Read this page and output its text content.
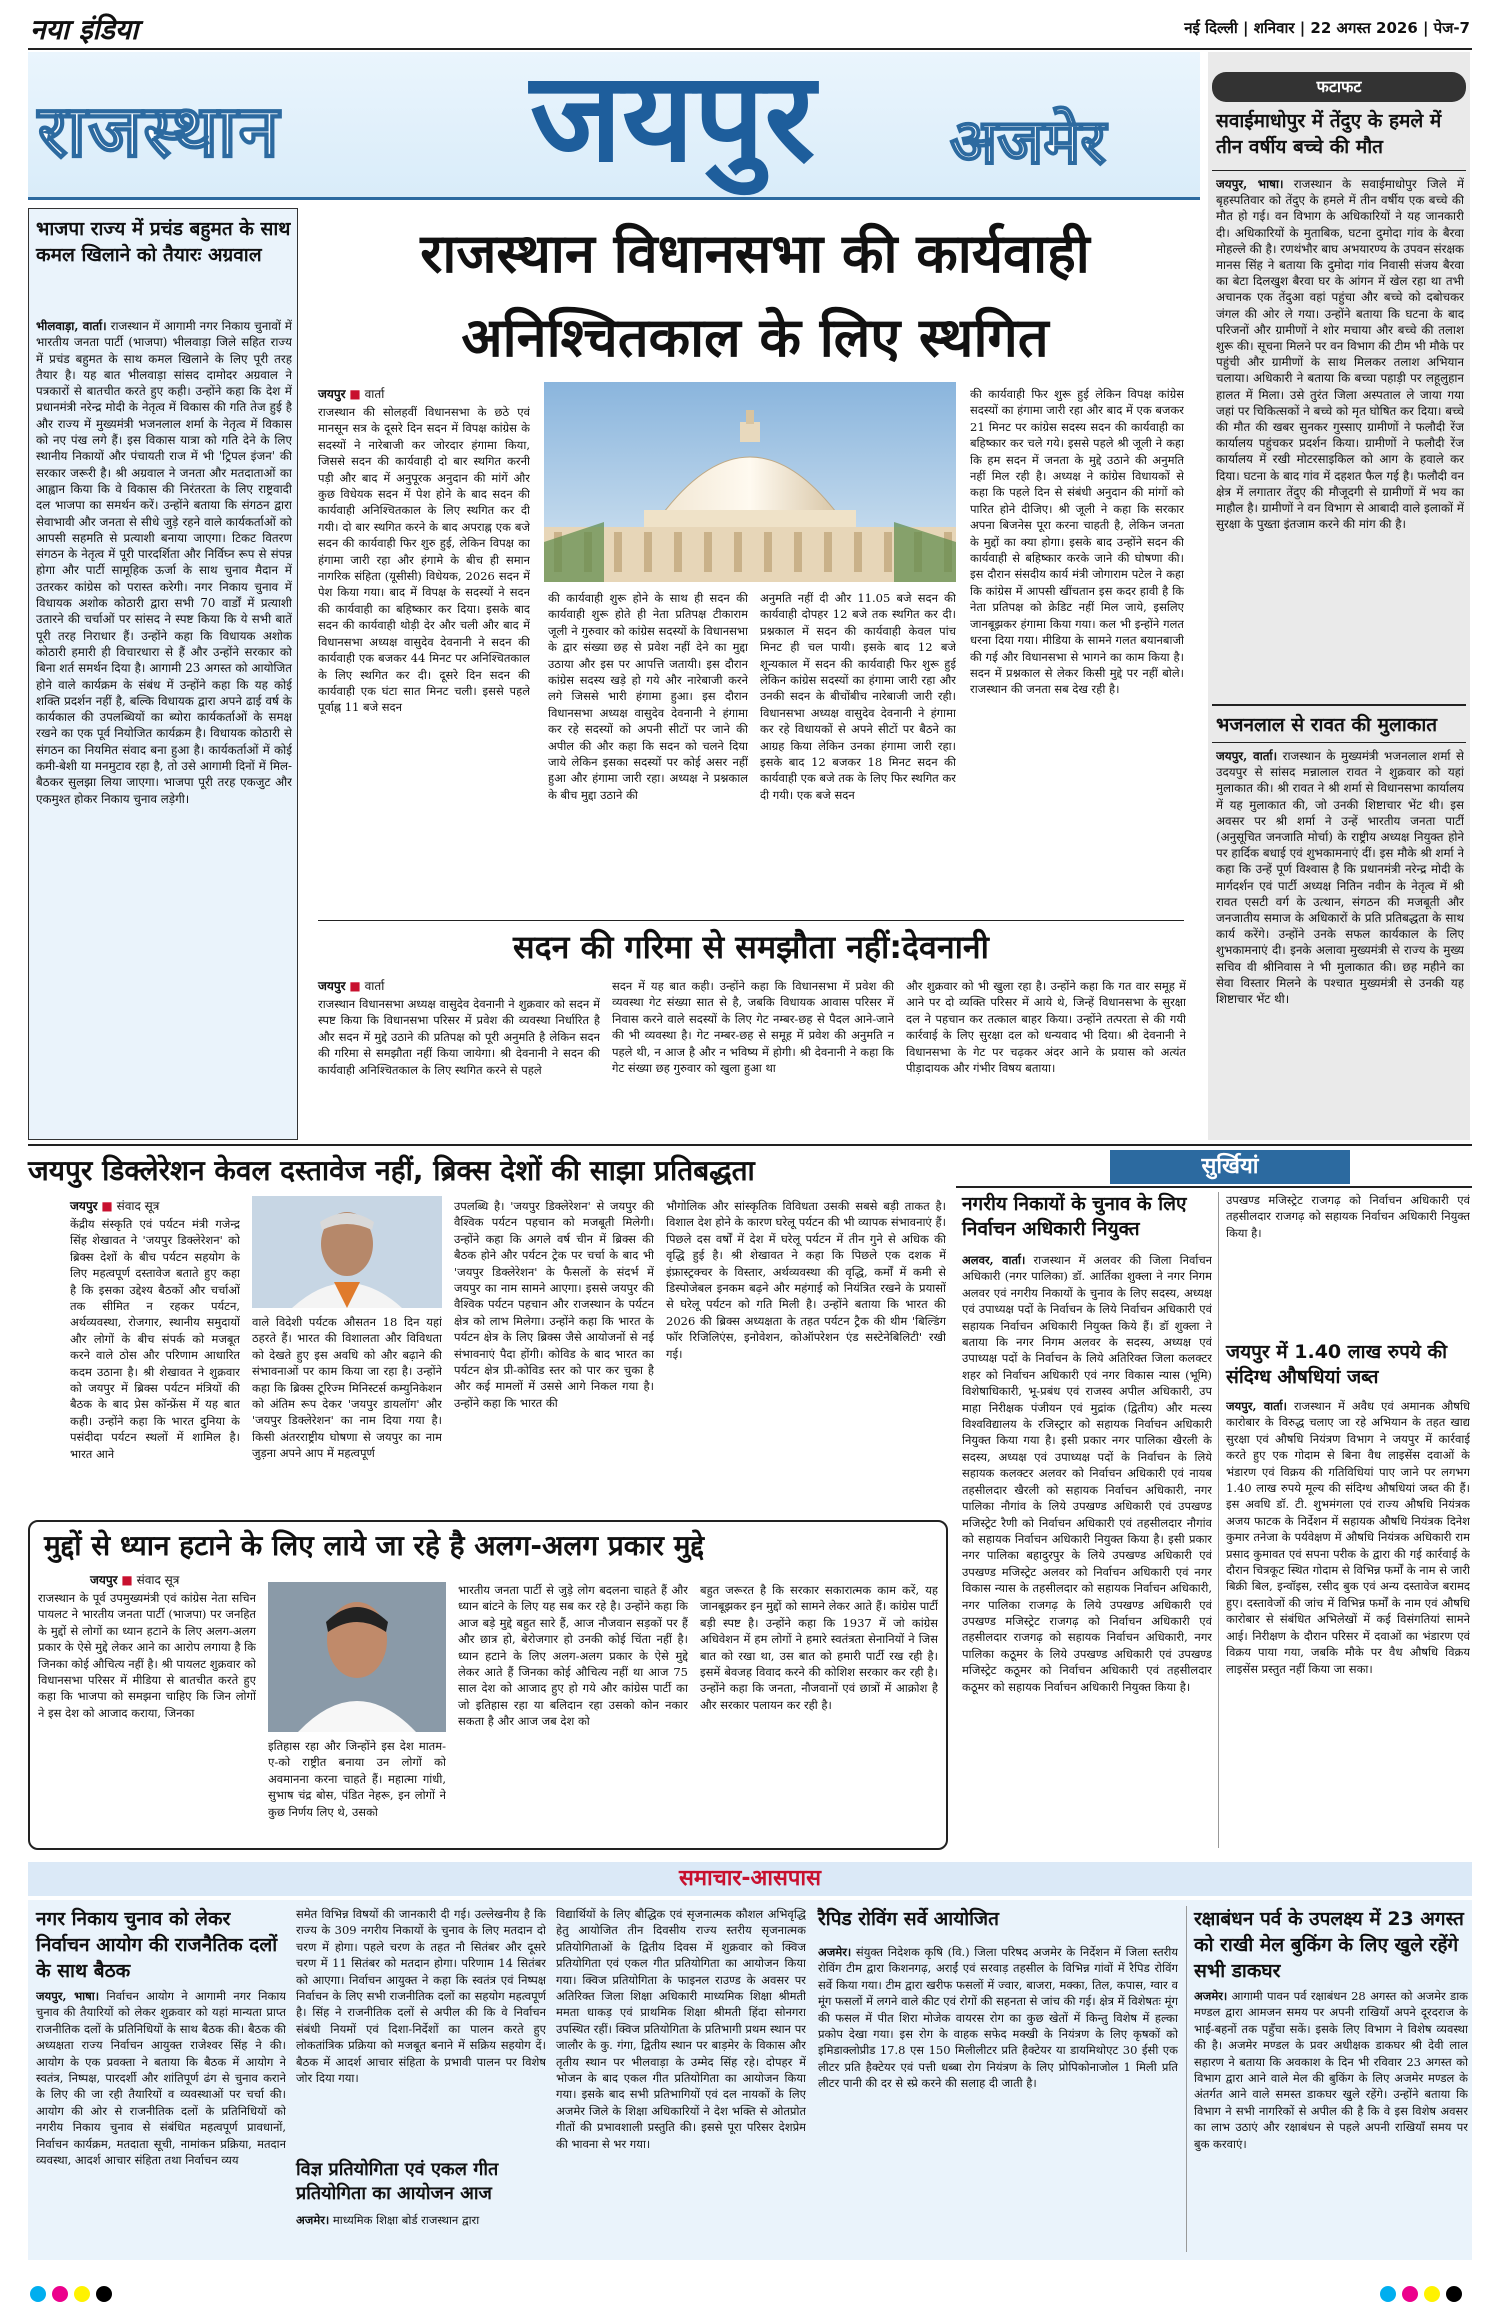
नया इंडिया	नई दिल्ली | शनिवार | 22 अगस्त 2026 | पेज-7
राजस्थान जयपुर अजमेर
फटाफट
सवाईमाधोपुर में तेंदुए के हमले में तीन वर्षीय बच्चे की मौत
जयपुर, भाषा। राजस्थान के सवाईमाधोपुर जिले में बृहस्पतिवार को तेंदुए के हमले में तीन वर्षीय एक बच्चे की मौत हो गई। वन विभाग के अधिकारियों ने यह जानकारी दी। अधिकारियों के मुताबिक, घटना दुमोदा गांव के बैरवा मोहल्ले की है। रणथंभौर बाघ अभयारण्य के उपवन संरक्षक मानस सिंह ने बताया कि दुमोदा गांव निवासी संजय बैरवा का बेटा दिलखुश बैरवा घर के आंगन में खेल रहा था तभी अचानक एक तेंदुआ वहां पहुंचा और बच्चे को दबोचकर जंगल की ओर ले गया। उन्होंने बताया कि घटना के बाद परिजनों और ग्रामीणों ने शोर मचाया और बच्चे की तलाश शुरू की। सूचना मिलने पर वन विभाग की टीम भी मौके पर पहुंची और ग्रामीणों के साथ मिलकर तलाश अभियान चलाया। अधिकारी ने बताया कि बच्चा पहाड़ी पर लहूलुहान हालत में मिला। उसे तुरंत जिला अस्पताल ले जाया गया जहां पर चिकित्सकों ने बच्चे को मृत घोषित कर दिया। बच्चे की मौत की खबर सुनकर गुस्साए ग्रामीणों ने फलौदी रेंज कार्यालय पहुंचकर प्रदर्शन किया। ग्रामीणों ने फलौदी रेंज कार्यालय में रखी मोटरसाइकिल को आग के हवाले कर दिया। घटना के बाद गांव में दहशत फैल गई है। फलौदी वन क्षेत्र में लगातार तेंदुए की मौजूदगी से ग्रामीणों में भय का माहौल है। ग्रामीणों ने वन विभाग से आबादी वाले इलाकों में सुरक्षा के पुख्ता इंतजाम करने की मांग की है।
भजनलाल से रावत की मुलाकात
जयपुर, वार्ता। राजस्थान के मुख्यमंत्री भजनलाल शर्मा से उदयपुर से सांसद मन्नालाल रावत ने शुक्रवार को यहां मुलाकात की। श्री रावत ने श्री शर्मा से विधानसभा कार्यालय में यह मुलाकात की, जो उनकी शिष्टाचार भेंट थी। इस अवसर पर श्री शर्मा ने उन्हें भारतीय जनता पार्टी (अनुसूचित जनजाति मोर्चा) के राष्ट्रीय अध्यक्ष नियुक्त होने पर हार्दिक बधाई एवं शुभकामनाएं दीं। इस मौके श्री शर्मा ने कहा कि उन्हें पूर्ण विश्वास है कि प्रधानमंत्री नरेन्द्र मोदी के मार्गदर्शन एवं पार्टी अध्यक्ष नितिन नवीन के नेतृत्व में श्री रावत एसटी वर्ग के उत्थान, संगठन की मजबूती और जनजातीय समाज के अधिकारों के प्रति प्रतिबद्धता के साथ कार्य करेंगे। उन्होंने उनके सफल कार्यकाल के लिए शुभकामनाएं दी। इनके अलावा मुख्यमंत्री से राज्य के मुख्य सचिव वी श्रीनिवास ने भी मुलाकात की। छह महीने का सेवा विस्तार मिलने के पश्चात मुख्यमंत्री से उनकी यह शिष्टाचार भेंट थी।
भाजपा राज्य में प्रचंड बहुमत के साथ कमल खिलाने को तैयारः अग्रवाल
भीलवाड़ा, वार्ता। राजस्थान में आगामी नगर निकाय चुनावों में भारतीय जनता पार्टी (भाजपा) भीलवाड़ा जिले सहित राज्य में प्रचंड बहुमत के साथ कमल खिलाने के लिए पूरी तरह तैयार है। यह बात भीलवाड़ा सांसद दामोदर अग्रवाल ने पत्रकारों से बातचीत करते हुए कही। उन्होंने कहा कि देश में प्रधानमंत्री नरेन्द्र मोदी के नेतृत्व में विकास की गति तेज हुई है और राज्य में मुख्यमंत्री भजनलाल शर्मा के नेतृत्व में विकास को नए पंख लगे हैं। इस विकास यात्रा को गति देने के लिए स्थानीय निकायों और पंचायती राज में भी 'ट्रिपल इंजन' की सरकार जरूरी है। श्री अग्रवाल ने जनता और मतदाताओं का आह्वान किया कि वे विकास की निरंतरता के लिए राष्ट्रवादी दल भाजपा का समर्थन करें। उन्होंने बताया कि संगठन द्वारा सेवाभावी और जनता से सीधे जुड़े रहने वाले कार्यकर्ताओं को आपसी सहमति से प्रत्याशी बनाया जाएगा। टिकट वितरण संगठन के नेतृत्व में पूरी पारदर्शिता और निर्विघ्न रूप से संपन्न होगा और पार्टी सामूहिक ऊर्जा के साथ चुनाव मैदान में उतरकर कांग्रेस को परास्त करेगी। नगर निकाय चुनाव में विधायक अशोक कोठारी द्वारा सभी 70 वार्डों में प्रत्याशी उतारने की चर्चाओं पर सांसद ने स्पष्ट किया कि ये सभी बातें पूरी तरह निराधार हैं। उन्होंने कहा कि विधायक अशोक कोठारी हमारी ही विचारधारा से हैं और उन्होंने सरकार को बिना शर्त समर्थन दिया है। आगामी 23 अगस्त को आयोजित होने वाले कार्यक्रम के संबंध में उन्होंने कहा कि यह कोई शक्ति प्रदर्शन नहीं है, बल्कि विधायक द्वारा अपने ढाई वर्ष के कार्यकाल की उपलब्धियों का ब्योरा कार्यकर्ताओं के समक्ष रखने का एक पूर्व नियोजित कार्यक्रम है। विधायक कोठारी से संगठन का नियमित संवाद बना हुआ है। कार्यकर्ताओं में कोई कमी-बेशी या मनमुटाव रहा है, तो उसे आगामी दिनों में मिल-बैठकर सुलझा लिया जाएगा। भाजपा पूरी तरह एकजुट और एकमुश्त होकर निकाय चुनाव लड़ेगी।
राजस्थान विधानसभा की कार्यवाही अनिश्चितकाल के लिए स्थगित
जयपुर ■ वार्ता
राजस्थान की सोलहवीं विधानसभा के छठे एवं मानसून सत्र के दूसरे दिन सदन में विपक्ष कांग्रेस के सदस्यों ने नारेबाजी कर जोरदार हंगामा किया, जिससे सदन की कार्यवाही दो बार स्थगित करनी पड़ी और बाद में अनुपूरक अनुदान की मांगें और कुछ विधेयक सदन में पेश होने के बाद सदन की कार्यवाही अनिश्चितकाल के लिए स्थगित कर दी गयी। दो बार स्थगित करने के बाद अपराह्न एक बजे सदन की कार्यवाही फिर शुरु हुई, लेकिन विपक्ष का हंगामा जारी रहा और हंगामे के बीच ही समान नागरिक संहिता (यूसीसी) विधेयक, 2026 सदन में पेश किया गया। बाद में विपक्ष के सदस्यों ने सदन की कार्यवाही का बहिष्कार कर दिया। इसके बाद सदन की कार्यवाही थोड़ी देर और चली और बाद में विधानसभा अध्यक्ष वासुदेव देवनानी ने सदन की कार्यवाही एक बजकर 44 मिनट पर अनिश्चितकाल के लिए स्थगित कर दी। दूसरे दिन सदन की कार्यवाही एक घंटा सात मिनट चली। इससे पहले पूर्वाह्न 11 बजे सदन
की कार्यवाही शुरू होने के साथ ही सदन की कार्यवाही शुरू होते ही नेता प्रतिपक्ष टीकाराम जूली ने गुरुवार को कांग्रेस सदस्यों के विधानसभा के द्वार संख्या छह से प्रवेश नहीं देने का मुद्दा उठाया और इस पर आपत्ति जतायी। इस दौरान कांग्रेस सदस्य खड़े हो गये और नारेबाजी करने लगे जिससे भारी हंगामा हुआ। इस दौरान विधानसभा अध्यक्ष वासुदेव देवनानी ने हंगामा कर रहे सदस्यों को अपनी सीटों पर जाने की अपील की और कहा कि सदन को चलने दिया जाये लेकिन इसका सदस्यों पर कोई असर नहीं हुआ और हंगामा जारी रहा। अध्यक्ष ने प्रश्नकाल के बीच मुद्दा उठाने की
अनुमति नहीं दी और 11.05 बजे सदन की कार्यवाही दोपहर 12 बजे तक स्थगित कर दी। प्रश्नकाल में सदन की कार्यवाही केवल पांच मिनट ही चल पायी। इसके बाद 12 बजे शून्यकाल में सदन की कार्यवाही फिर शुरू हुई लेकिन कांग्रेस सदस्यों का हंगामा जारी रहा और उनकी सदन के बीचोंबीच नारेबाजी जारी रही। विधानसभा अध्यक्ष वासुदेव देवनानी ने हंगामा कर रहे विधायकों से अपने सीटों पर बैठने का आग्रह किया लेकिन उनका हंगामा जारी रहा। इसके बाद 12 बजकर 18 मिनट सदन की कार्यवाही एक बजे तक के लिए फिर स्थगित कर दी गयी। एक बजे सदन
की कार्यवाही फिर शुरू हुई लेकिन विपक्ष कांग्रेस सदस्यों का हंगामा जारी रहा और बाद में एक बजकर 21 मिनट पर कांग्रेस सदस्य सदन की कार्यवाही का बहिष्कार कर चले गये। इससे पहले श्री जूली ने कहा कि हम सदन में जनता के मुद्दे उठाने की अनुमति नहीं मिल रही है। अध्यक्ष ने कांग्रेस विधायकों से कहा कि पहले दिन से संबंधी अनुदान की मांगों को पारित होने दीजिए। श्री जूली ने कहा कि सरकार अपना बिजनेस पूरा करना चाहती है, लेकिन जनता के मुद्दों का क्या होगा। इसके बाद उन्होंने सदन की कार्यवाही से बहिष्कार करके जाने की घोषणा की। इस दौरान संसदीय कार्य मंत्री जोगाराम पटेल ने कहा कि कांग्रेस में आपसी खींचतान इस कदर हावी है कि नेता प्रतिपक्ष को क्रेडिट नहीं मिल जाये, इसलिए जानबूझकर हंगामा किया गया। कल भी इन्होंने गलत धरना दिया गया। मीडिया के सामने गलत बयानबाजी की गई और विधानसभा से भागने का काम किया है। सदन में प्रश्नकाल से लेकर किसी मुद्दे पर नहीं बोले। राजस्थान की जनता सब देख रही है।
सदन की गरिमा से समझौता नहीं:देवनानी
जयपुर ■ वार्ता
राजस्थान विधानसभा अध्यक्ष वासुदेव देवनानी ने शुक्रवार को सदन में स्पष्ट किया कि विधानसभा परिसर में प्रवेश की व्यवस्था निर्धारित है और सदन में मुद्दे उठाने की प्रतिपक्ष को पूरी अनुमति है लेकिन सदन की गरिमा से समझौता नहीं किया जायेगा। श्री देवनानी ने सदन की कार्यवाही अनिश्चितकाल के लिए स्थगित करने से पहले
सदन में यह बात कही। उन्होंने कहा कि विधानसभा में प्रवेश की व्यवस्था गेट संख्या सात से है, जबकि विधायक आवास परिसर में निवास करने वाले सदस्यों के लिए गेट नम्बर-छह से पैदल आने-जाने की भी व्यवस्था है। गेट नम्बर-छह से समूह में प्रवेश की अनुमति न पहले थी, न आज है और न भविष्य में होगी। श्री देवनानी ने कहा कि गेट संख्या छह गुरुवार को खुला हुआ था
और शुक्रवार को भी खुला रहा है। उन्होंने कहा कि गत वार समूह में आने पर दो व्यक्ति परिसर में आये थे, जिन्हें विधानसभा के सुरक्षा दल ने पहचान कर तत्काल बाहर किया। उन्होंने तत्परता से की गयी कार्रवाई के लिए सुरक्षा दल को धन्यवाद भी दिया। श्री देवनानी ने विधानसभा के गेट पर चढ़कर अंदर आने के प्रयास को अत्यंत पीड़ादायक और गंभीर विषय बताया।
जयपुर डिक्लेरेशन केवल दस्तावेज नहीं, ब्रिक्स देशों की साझा प्रतिबद्धता
जयपुर ■ संवाद सूत्र
केंद्रीय संस्कृति एवं पर्यटन मंत्री गजेन्द्र सिंह शेखावत ने 'जयपुर डिक्लेरेशन' को ब्रिक्स देशों के बीच पर्यटन सहयोग के लिए महत्वपूर्ण दस्तावेज बताते हुए कहा है कि इसका उद्देश्य बैठकों और चर्चाओं तक सीमित न रहकर पर्यटन, अर्थव्यवस्था, रोजगार, स्थानीय समुदायों और लोगों के बीच संपर्क को मजबूत करने वाले ठोस और परिणाम आधारित कदम उठाना है। श्री शेखावत ने शुक्रवार को जयपुर में ब्रिक्स पर्यटन मंत्रियों की बैठक के बाद प्रेस कॉन्फ्रेंस में यह बात कही। उन्होंने कहा कि भारत दुनिया के पसंदीदा पर्यटन स्थलों में शामिल है। भारत आने
वाले विदेशी पर्यटक औसतन 18 दिन यहां ठहरते हैं। भारत की विशालता और विविधता को देखते हुए इस अवधि को और बढ़ाने की संभावनाओं पर काम किया जा रहा है। उन्होंने कहा कि ब्रिक्स टूरिज्म मिनिस्टर्स कम्युनिकेशन को अंतिम रूप देकर 'जयपुर डायलॉग' और 'जयपुर डिक्लेरेशन' का नाम दिया गया है। किसी अंतरराष्ट्रीय घोषणा से जयपुर का नाम जुड़ना अपने आप में महत्वपूर्ण
उपलब्धि है। 'जयपुर डिक्लेरेशन' से जयपुर की वैश्विक पर्यटन पहचान को मजबूती मिलेगी। उन्होंने कहा कि अगले वर्ष चीन में ब्रिक्स की बैठक होने और पर्यटन ट्रेक पर चर्चा के बाद भी 'जयपुर डिक्लेरेशन' के फैसलों के संदर्भ में जयपुर का नाम सामने आएगा। इससे जयपुर की वैश्विक पर्यटन पहचान और राजस्थान के पर्यटन क्षेत्र को लाभ मिलेगा। उन्होंने कहा कि भारत के पर्यटन क्षेत्र के लिए ब्रिक्स जैसे आयोजनों से नई संभावनाएं पैदा होंगी। कोविड के बाद भारत का पर्यटन क्षेत्र प्री-कोविड स्तर को पार कर चुका है और कई मामलों में उससे आगे निकल गया है। उन्होंने कहा कि भारत की
भौगोलिक और सांस्कृतिक विविधता उसकी सबसे बड़ी ताकत है। विशाल देश होने के कारण घरेलू पर्यटन की भी व्यापक संभावनाएं हैं। पिछले दस वर्षों में देश में घरेलू पर्यटन में तीन गुने से अधिक की वृद्धि हुई है। श्री शेखावत ने कहा कि पिछले एक दशक में इंफ्रास्ट्रक्चर के विस्तार, अर्थव्यवस्था की वृद्धि, कर्मों में कमी से डिस्पोजेबल इनकम बढ़ने और महंगाई को नियंत्रित रखने के प्रयासों से घरेलू पर्यटन को गति मिली है। उन्होंने बताया कि भारत की 2026 की ब्रिक्स अध्यक्षता के तहत पर्यटन ट्रैक की थीम 'बिल्डिंग फॉर रिजिलिएंस, इनोवेशन, कोऑपरेशन एंड सस्टेनेबिलिटी' रखी गई।
मुद्दों से ध्यान हटाने के लिए लाये जा रहे है अलग-अलग प्रकार मुद्दे
जयपुर ■ संवाद सूत्र
राजस्थान के पूर्व उपमुख्यमंत्री एवं कांग्रेस नेता सचिन पायलट ने भारतीय जनता पार्टी (भाजपा) पर जनहित के मुद्दों से लोगों का ध्यान हटाने के लिए अलग-अलग प्रकार के ऐसे मुद्दे लेकर आने का आरोप लगाया है कि जिनका कोई औचित्य नहीं है। श्री पायलट शुक्रवार को विधानसभा परिसर में मीडिया से बातचीत करते हुए कहा कि भाजपा को समझना चाहिए कि जिन लोगों ने इस देश को आजाद कराया, जिनका
इतिहास रहा और जिन्होंने इस देश मातम-ए-को राष्ट्रीत बनाया उन लोगों को अवमानना करना चाहते हैं। महात्मा गांधी, सुभाष चंद्र बोस, पंडित नेहरू, इन लोगों ने कुछ निर्णय लिए थे, उसको
भारतीय जनता पार्टी से जुड़े लोग बदलना चाहते हैं और ध्यान बांटने के लिए यह सब कर रहे है। उन्होंने कहा कि आज बड़े मुद्दे बहुत सारे हैं, आज नौजवान सड़कों पर हैं और छात्र हो, बेरोजगार हो उनकी कोई चिंता नहीं है। ध्यान हटाने के लिए अलग-अलग प्रकार के ऐसे मुद्दे लेकर आते हैं जिनका कोई औचित्य नहीं था आज 75 साल देश को आजाद हुए हो गये और कांग्रेस पार्टी का जो इतिहास रहा या बलिदान रहा उसको कोन नकार सकता है और आज जब देश को
बहुत जरूरत है कि सरकार सकारात्मक काम करें, यह जानबूझकर इन मुद्दों को सामने लेकर आते हैं। कांग्रेस पार्टी बड़ी स्पष्ट है। उन्होंने कहा कि 1937 में जो कांग्रेस अधिवेशन में हम लोगों ने हमारे स्वतंत्रता सेनानियों ने जिस बात को रखा था, उस बात को हमारी पार्टी रख रही है। इसमें बेवजह विवाद करने की कोशिश सरकार कर रही है। उन्होंने कहा कि जनता, नौजवानों एवं छात्रों में आक्रोश है और सरकार पलायन कर रही है।
सुर्खियां
नगरीय निकायों के चुनाव के लिए निर्वाचन अधिकारी नियुक्त
अलवर, वार्ता। राजस्थान में अलवर की जिला निर्वाचन अधिकारी (नगर पालिका) डॉ. आर्तिका शुक्ला ने नगर निगम अलवर एवं नगरीय निकायों के चुनाव के लिए सदस्य, अध्यक्ष एवं उपाध्यक्ष पदों के निर्वाचन के लिये निर्वाचन अधिकारी एवं सहायक निर्वाचन अधिकारी नियुक्त किये हैं। डॉ शुक्ला ने बताया कि नगर निगम अलवर के सदस्य, अध्यक्ष एवं उपाध्यक्ष पदों के निर्वाचन के लिये अतिरिक्त जिला कलक्टर शहर को निर्वाचन अधिकारी एवं नगर विकास न्यास (भूमि) विशेषाधिकारी, भू-प्रबंध एवं राजस्व अपील अधिकारी, उप माहा निरीक्षक पंजीयन एवं मुद्रांक (द्वितीय) और मत्स्य विश्वविद्यालय के रजिस्ट्रार को सहायक निर्वाचन अधिकारी नियुक्त किया गया है। इसी प्रकार नगर पालिका खैरली के सदस्य, अध्यक्ष एवं उपाध्यक्ष पदों के निर्वाचन के लिये सहायक कलक्टर अलवर को निर्वाचन अधिकारी एवं नायब तहसीलदार खैरली को सहायक निर्वाचन अधिकारी, नगर पालिका नौगांव के लिये उपखण्ड अधिकारी एवं उपखण्ड मजिस्ट्रेट रैणी को निर्वाचन अधिकारी एवं तहसीलदार नौगांव को सहायक निर्वाचन अधिकारी नियुक्त किया है। इसी प्रकार नगर पालिका बहादुरपुर के लिये उपखण्ड अधिकारी एवं उपखण्ड मजिस्ट्रेट अलवर को निर्वाचन अधिकारी एवं नगर विकास न्यास के तहसीलदार को सहायक निर्वाचन अधिकारी, नगर पालिका राजगढ़ के लिये उपखण्ड अधिकारी एवं उपखण्ड मजिस्ट्रेट राजगढ़ को निर्वाचन अधिकारी एवं तहसीलदार राजगढ़ को सहायक निर्वाचन अधिकारी, नगर पालिका कठूमर के लिये उपखण्ड अधिकारी एवं उपखण्ड मजिस्ट्रेट कठूमर को निर्वाचन अधिकारी एवं तहसीलदार कठूमर को सहायक निर्वाचन अधिकारी नियुक्त किया है।
उपखण्ड मजिस्ट्रेट राजगढ़ को निर्वाचन अधिकारी एवं तहसीलदार राजगढ़ को सहायक निर्वाचन अधिकारी नियुक्त किया है।
जयपुर में 1.40 लाख रुपये की संदिग्ध औषधियां जब्त
जयपुर, वार्ता। राजस्थान में अवैध एवं अमानक औषधि कारोबार के विरुद्ध चलाए जा रहे अभियान के तहत खाद्य सुरक्षा एवं औषधि नियंत्रण विभाग ने जयपुर में कार्रवाई करते हुए एक गोदाम से बिना वैध लाइसेंस दवाओं के भंडारण एवं विक्रय की गतिविधियां पाए जाने पर लगभग 1.40 लाख रुपये मूल्य की संदिग्ध औषधियां जब्त की हैं। इस अवधि डॉ. टी. शुभमंगला एवं राज्य औषधि नियंत्रक अजय फाटक के निर्देशन में सहायक औषधि नियंत्रक दिनेश कुमार तनेजा के पर्यवेक्षण में औषधि नियंत्रक अधिकारी राम प्रसाद कुमावत एवं सपना परीक के द्वारा की गई कार्रवाई के दौरान चित्रकूट स्थित गोदाम से विभिन्न फर्मों के नाम से जारी बिक्री बिल, इन्वॉइस, रसीद बुक एवं अन्य दस्तावेज बरामद हुए। दस्तावेजों की जांच में विभिन्न फर्मों के नाम एवं औषधि कारोबार से संबंधित अभिलेखों में कई विसंगतियां सामने आई। निरीक्षण के दौरान परिसर में दवाओं का भंडारण एवं विक्रय पाया गया, जबकि मौके पर वैध औषधि विक्रय लाइसेंस प्रस्तुत नहीं किया जा सका।
समाचार-आसपास
नगर निकाय चुनाव को लेकर निर्वाचन आयोग की राजनैतिक दलों के साथ बैठक
जयपुर, भाषा। निर्वाचन आयोग ने आगामी नगर निकाय चुनाव की तैयारियों को लेकर शुक्रवार को यहां मान्यता प्राप्त राजनीतिक दलों के प्रतिनिधियों के साथ बैठक की। बैठक की अध्यक्षता राज्य निर्वाचन आयुक्त राजेश्वर सिंह ने की। आयोग के एक प्रवक्ता ने बताया कि बैठक में आयोग ने स्वतंत्र, निष्पक्ष, पारदर्शी और शांतिपूर्ण ढंग से चुनाव कराने के लिए की जा रही तैयारियों व व्यवस्थाओं पर चर्चा की। आयोग की ओर से राजनीतिक दलों के प्रतिनिधियों को नगरीय निकाय चुनाव से संबंधित महत्वपूर्ण प्रावधानों, निर्वाचन कार्यक्रम, मतदाता सूची, नामांकन प्रक्रिया, मतदान व्यवस्था, आदर्श आचार संहिता तथा निर्वाचन व्यय
समेत विभिन्न विषयों की जानकारी दी गई। उल्लेखनीय है कि राज्य के 309 नगरीय निकायों के चुनाव के लिए मतदान दो चरण में होगा। पहले चरण के तहत नौ सितंबर और दूसरे चरण में 11 सितंबर को मतदान होगा। परिणाम 14 सितंबर को आएगा। निर्वाचन आयुक्त ने कहा कि स्वतंत्र एवं निष्पक्ष निर्वाचन के लिए सभी राजनीतिक दलों का सहयोग महत्वपूर्ण है। सिंह ने राजनीतिक दलों से अपील की कि वे निर्वाचन संबंधी नियमों एवं दिशा-निर्देशों का पालन करते हुए लोकतांत्रिक प्रक्रिया को मजबूत बनाने में सक्रिय सहयोग दें। बैठक में आदर्श आचार संहिता के प्रभावी पालन पर विशेष जोर दिया गया।
विज्ञ प्रतियोगिता एवं एकल गीत प्रतियोगिता का आयोजन आज
अजमेर। माध्यमिक शिक्षा बोर्ड राजस्थान द्वारा
विद्यार्थियों के लिए बौद्धिक एवं सृजनात्मक कौशल अभिवृद्धि हेतु आयोजित तीन दिवसीय राज्य स्तरीय सृजनात्मक प्रतियोगिताओं के द्वितीय दिवस में शुक्रवार को क्विज प्रतियोगिता एवं एकल गीत प्रतियोगिता का आयोजन किया गया। क्विज प्रतियोगिता के फाइनल राउण्ड के अवसर पर अतिरिक्त जिला शिक्षा अधिकारी माध्यमिक शिक्षा श्रीमती ममता धाकड़ एवं प्राथमिक शिक्षा श्रीमती हिंदा सोनगरा उपस्थित रहीं। क्विज प्रतियोगिता के प्रतिभागी प्रथम स्थान पर जालौर के कु. गंगा, द्वितीय स्थान पर बाड़मेर के विकास और तृतीय स्थान पर भीलवाड़ा के उम्मेद सिंह रहे। दोपहर में भोजन के बाद एकल गीत प्रतियोगिता का आयोजन किया गया। इसके बाद सभी प्रतिभागियों एवं दल नायकों के लिए अजमेर जिले के शिक्षा अधिकारियों ने देश भक्ति से ओतप्रोत गीतों की प्रभावशाली प्रस्तुति की। इससे पूरा परिसर देशप्रेम की भावना से भर गया।
रैपिड रोविंग सर्वे आयोजित
अजमेर। संयुक्त निदेशक कृषि (वि.) जिला परिषद अजमेर के निर्देशन में जिला स्तरीय रोविंग टीम द्वारा किशनगढ़, अराईं एवं सरवाड़ तहसील के विभिन्न गांवों में रैपिड रोविंग सर्वे किया गया। टीम द्वारा खरीफ फसलों में ज्वार, बाजरा, मक्का, तिल, कपास, ग्वार व मूंग फसलों में लगने वाले कीट एवं रोगों की सहनता से जांच की गई। क्षेत्र में विशेषतः मूंग की फसल में पीत शिरा मोजेक वायरस रोग का कुछ खेतों में किन्तु विशेष में हल्का प्रकोप देखा गया। इस रोग के वाहक सफेद मक्खी के नियंत्रण के लिए कृषकों को इमिडाक्लोप्रीड 17.8 एस 150 मिलीलीटर प्रति हैक्टेयर या डायमिथोएट 30 ईसी एक लीटर प्रति हैक्टेयर एवं पत्ती धब्बा रोग नियंत्रण के लिए प्रोपिकोनाजोल 1 मिली प्रति लीटर पानी की दर से स्प्रे करने की सलाह दी जाती है।
रक्षाबंधन पर्व के उपलक्ष्य में 23 अगस्त को राखी मेल बुकिंग के लिए खुले रहेंगे सभी डाकघर
अजमेर। आगामी पावन पर्व रक्षाबंधन 28 अगस्त को अजमेर डाक मण्डल द्वारा आमजन समय पर अपनी राखियाँ अपने दूरदराज के भाई-बहनों तक पहुँचा सकें। इसके लिए विभाग ने विशेष व्यवस्था की है। अजमेर मण्डल के प्रवर अधीक्षक डाकघर श्री देवी लाल सहारण ने बताया कि अवकाश के दिन भी रविवार 23 अगस्त को विभाग द्वारा आने वाले मेल की बुकिंग के लिए अजमेर मण्डल के अंतर्गत आने वाले समस्त डाकघर खुले रहेंगे। उन्होंने बताया कि विभाग ने सभी नागरिकों से अपील की है कि वे इस विशेष अवसर का लाभ उठाएं और रक्षाबंधन से पहले अपनी राखियाँ समय पर बुक करवाएं।
